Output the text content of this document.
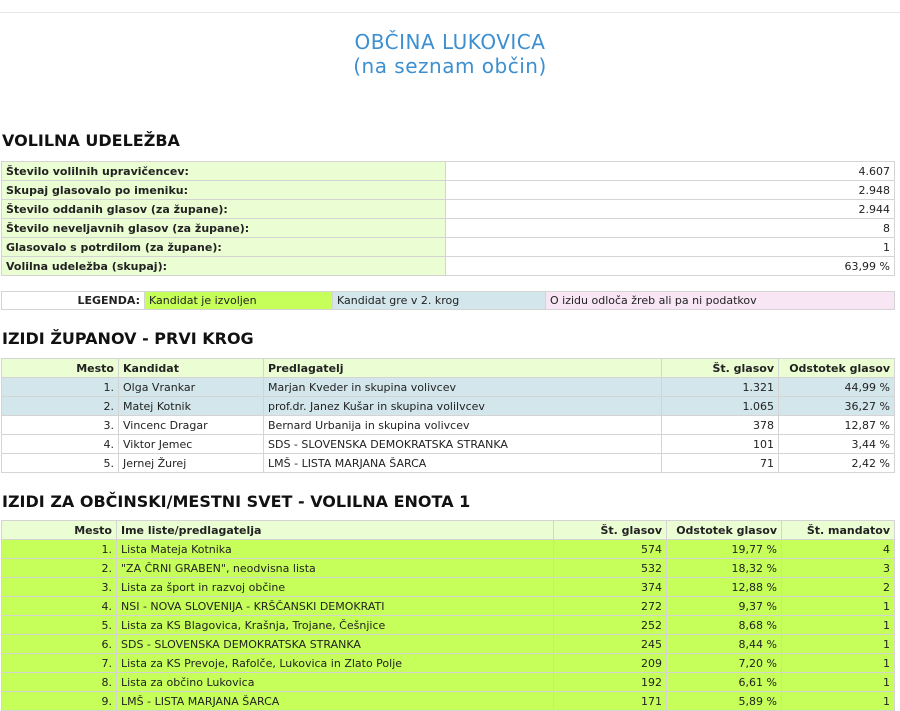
OBČINA LUKOVICA
(na seznam občin)
VOLILNA UDELEŽBA
Število volilnih upravičencev:	4.607
Skupaj glasovalo po imeniku:	2.948
Število oddanih glasov (za župane):	2.944
Število neveljavnih glasov (za župane):	8
Glasovalo s potrdilom (za župane):	1
Volilna udeležba (skupaj):	63,99 %
LEGENDA:	Kandidat je izvoljen	Kandidat gre v 2. krog	O izidu odloča žreb ali pa ni podatkov
IZIDI ŽUPANOV - PRVI KROG
Mesto	Kandidat	Predlagatelj	Št. glasov	Odstotek glasov
1.	Olga Vrankar	Marjan Kveder in skupina volivcev	1.321	44,99 %
2.	Matej Kotnik	prof.dr. Janez Kušar in skupina volilvcev	1.065	36,27 %
3.	Vincenc Dragar	Bernard Urbanija in skupina volivcev	378	12,87 %
4.	Viktor Jemec	SDS - SLOVENSKA DEMOKRATSKA STRANKA	101	3,44 %
5.	Jernej Žurej	LMŠ - LISTA MARJANA ŠARCA	71	2,42 %
IZIDI ZA OBČINSKI/MESTNI SVET - VOLILNA ENOTA 1
Mesto	Ime liste/predlagatelja	Št. glasov	Odstotek glasov	Št. mandatov
1.	Lista Mateja Kotnika	574	19,77 %	4
2.	"ZA ČRNI GRABEN", neodvisna lista	532	18,32 %	3
3.	Lista za šport in razvoj občine	374	12,88 %	2
4.	NSI - NOVA SLOVENIJA - KRŠČANSKI DEMOKRATI	272	9,37 %	1
5.	Lista za KS Blagovica, Krašnja, Trojane, Češnjice	252	8,68 %	1
6.	SDS - SLOVENSKA DEMOKRATSKA STRANKA	245	8,44 %	1
7.	Lista za KS Prevoje, Rafolče, Lukovica in Zlato Polje	209	7,20 %	1
8.	Lista za občino Lukovica	192	6,61 %	1
9.	LMŠ - LISTA MARJANA ŠARCA	171	5,89 %	1
